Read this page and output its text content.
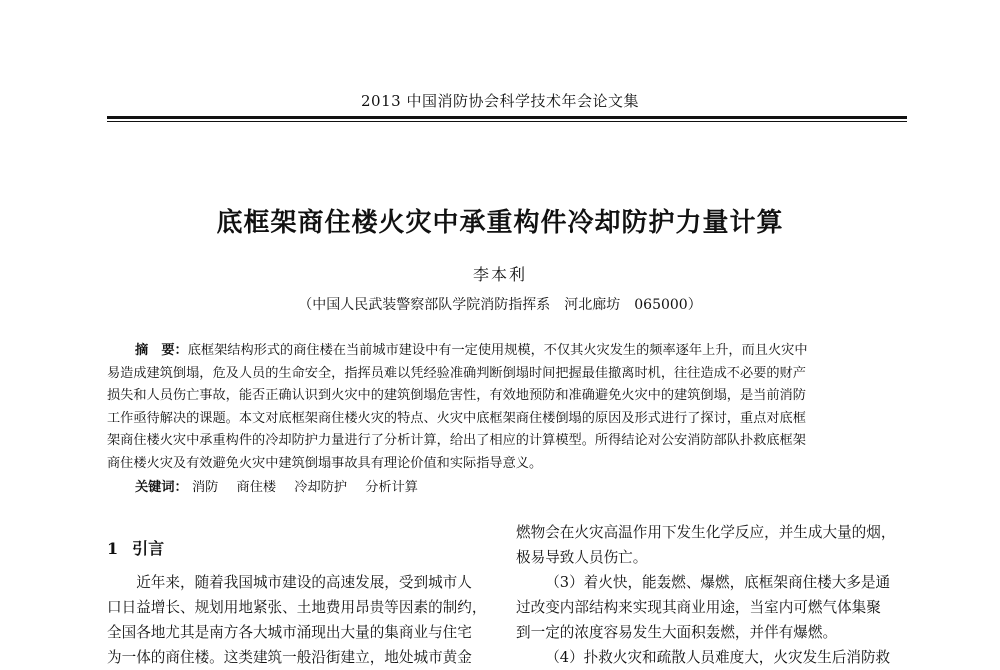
2013 中国消防协会科学技术年会论文集
底框架商住楼火灾中承重构件冷却防护力量计算
李本利
（中国人民武装警察部队学院消防指挥系　河北廊坊　065000）
摘　要：底框架结构形式的商住楼在当前城市建设中有一定使用规模，不仅其火灾发生的频率逐年上升，而且火灾中
易造成建筑倒塌，危及人员的生命安全，指挥员难以凭经验准确判断倒塌时间把握最佳撤离时机，往往造成不必要的财产
损失和人员伤亡事故，能否正确认识到火灾中的建筑倒塌危害性，有效地预防和准确避免火灾中的建筑倒塌，是当前消防
工作亟待解决的课题。本文对底框架商住楼火灾的特点、火灾中底框架商住楼倒塌的原因及形式进行了探讨，重点对底框
架商住楼火灾中承重构件的冷却防护力量进行了分析计算，给出了相应的计算模型。所得结论对公安消防部队扑救底框架
商住楼火灾及有效避免火灾中建筑倒塌事故具有理论价值和实际指导意义。
关键词： 消防 商住楼 冷却防护 分析计算
1 引言
近年来，随着我国城市建设的高速发展，受到城市人
口日益增长、规划用地紧张、土地费用昂贵等因素的制约，
全国各地尤其是南方各大城市涌现出大量的集商业与住宅
为一体的商住楼。这类建筑一般沿街建立，地处城市黄金
燃物会在火灾高温作用下发生化学反应，并生成大量的烟，
极易导致人员伤亡。
（3）着火快，能轰燃、爆燃，底框架商住楼大多是通
过改变内部结构来实现其商业用途，当室内可燃气体集聚
到一定的浓度容易发生大面积轰燃，并伴有爆燃。
（4）扑救火灾和疏散人员难度大，火灾发生后消防救
